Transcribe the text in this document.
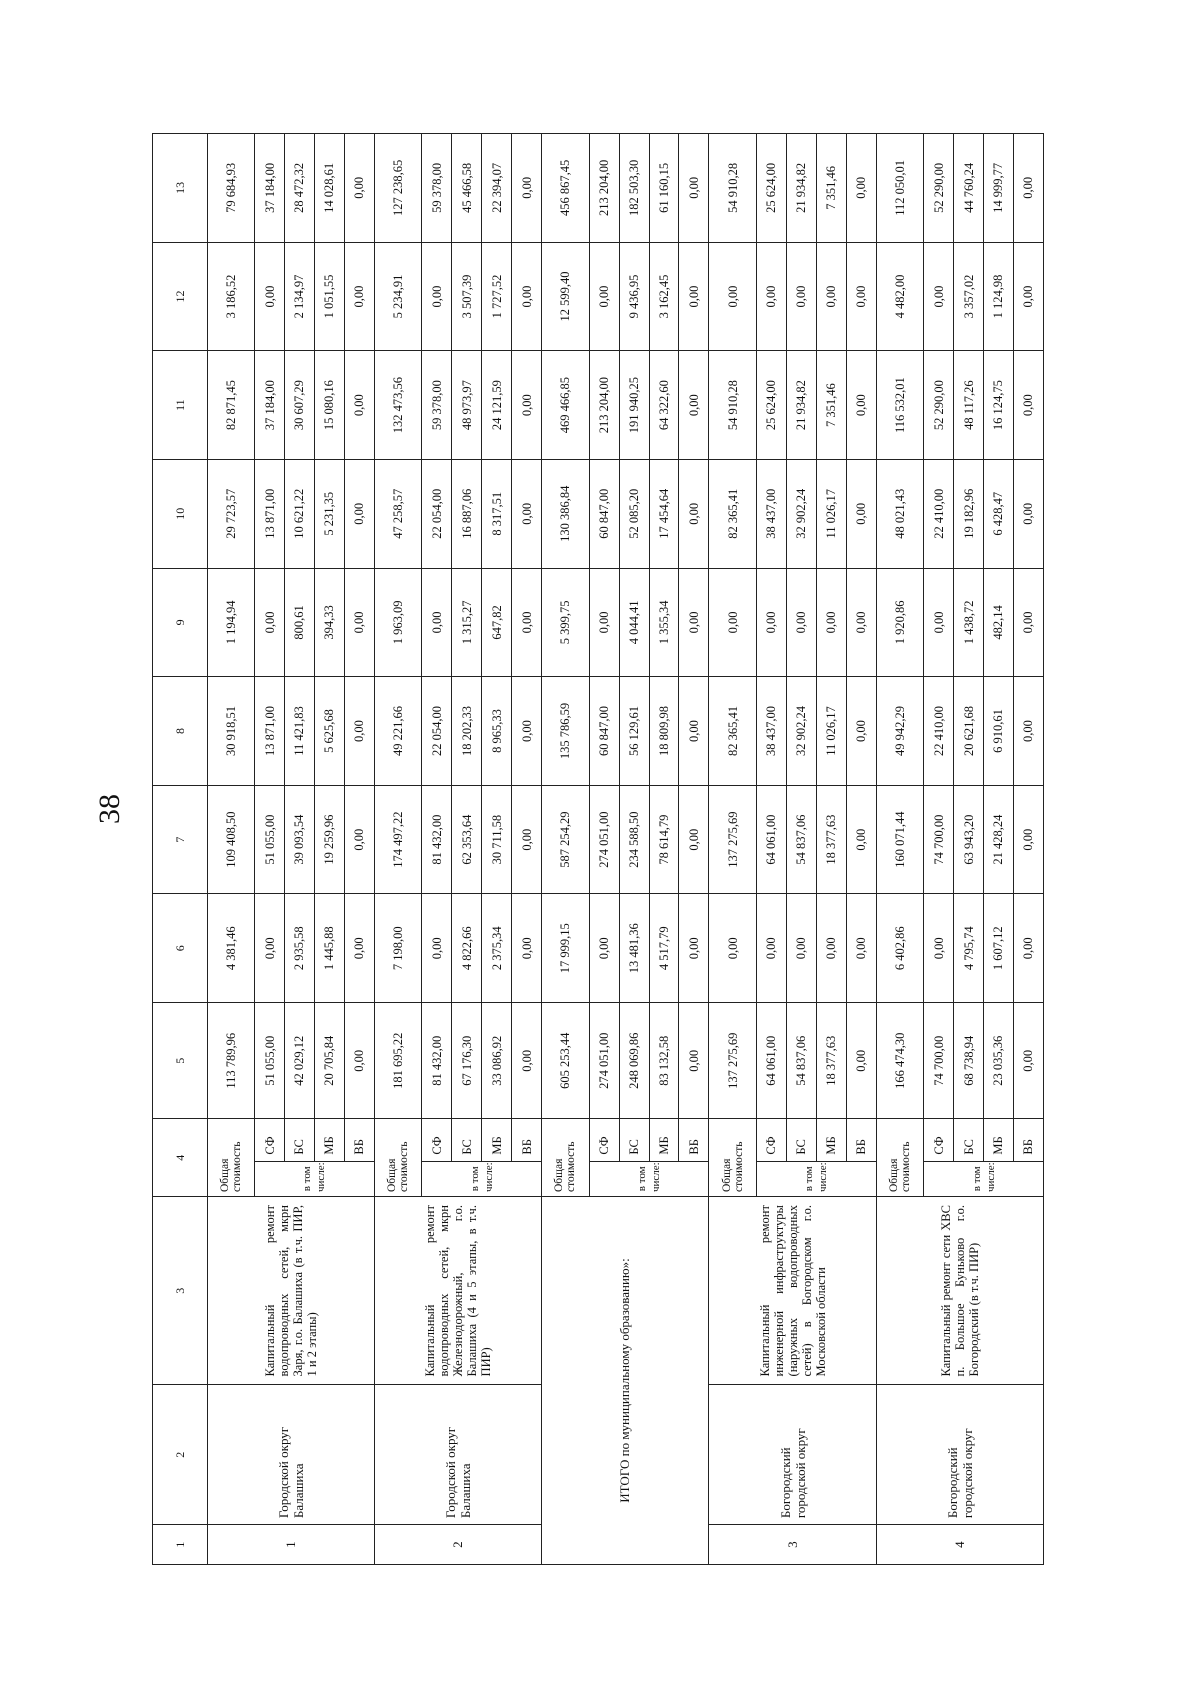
38
1	2	3	4		5	6	7	8	9	10	11	12	13
1	Городской округ Балашиха	Капитальный ремонт водопроводных сетей, мкрн Заря, г.о. Балашиха (в т.ч. ПИР, 1 и 2 этапы)	Общая стоимость		113 789,96	4 381,46	109 408,50	30 918,51	1 194,94	29 723,57	82 871,45	3 186,52	79 684,93
			в том числе:	СФ	51 055,00	0,00	51 055,00	13 871,00	0,00	13 871,00	37 184,00	0,00	37 184,00
				БС	42 029,12	2 935,58	39 093,54	11 421,83	800,61	10 621,22	30 607,29	2 134,97	28 472,32
				МБ	20 705,84	1 445,88	19 259,96	5 625,68	394,33	5 231,35	15 080,16	1 051,55	14 028,61
				ВБ	0,00	0,00	0,00	0,00	0,00	0,00	0,00	0,00	0,00
2	Городской округ Балашиха	Капитальный ремонт водопроводных сетей, мкрн Железнодорожный, г.о. Балашиха (4 и 5 этапы, в т.ч. ПИР)	Общая стоимость		181 695,22	7 198,00	174 497,22	49 221,66	1 963,09	47 258,57	132 473,56	5 234,91	127 238,65
			в том числе:	СФ	81 432,00	0,00	81 432,00	22 054,00	0,00	22 054,00	59 378,00	0,00	59 378,00
				БС	67 176,30	4 822,66	62 353,64	18 202,33	1 315,27	16 887,06	48 973,97	3 507,39	45 466,58
				МБ	33 086,92	2 375,34	30 711,58	8 965,33	647,82	8 317,51	24 121,59	1 727,52	22 394,07
				ВБ	0,00	0,00	0,00	0,00	0,00	0,00	0,00	0,00	0,00
ИТОГО по муниципальному образованию»:			Общая стоимость		605 253,44	17 999,15	587 254,29	135 786,59	5 399,75	130 386,84	469 466,85	12 599,40	456 867,45
			в том числе:	СФ	274 051,00	0,00	274 051,00	60 847,00	0,00	60 847,00	213 204,00	0,00	213 204,00
				БС	248 069,86	13 481,36	234 588,50	56 129,61	4 044,41	52 085,20	191 940,25	9 436,95	182 503,30
				МБ	83 132,58	4 517,79	78 614,79	18 809,98	1 355,34	17 454,64	64 322,60	3 162,45	61 160,15
				ВБ	0,00	0,00	0,00	0,00	0,00	0,00	0,00	0,00	0,00
3	Богородский городской округ	Капитальный ремонт инженерной инфраструктуры (наружных водопроводных сетей) в Богородском г.о. Московской области	Общая стоимость		137 275,69	0,00	137 275,69	82 365,41	0,00	82 365,41	54 910,28	0,00	54 910,28
			в том числе:	СФ	64 061,00	0,00	64 061,00	38 437,00	0,00	38 437,00	25 624,00	0,00	25 624,00
				БС	54 837,06	0,00	54 837,06	32 902,24	0,00	32 902,24	21 934,82	0,00	21 934,82
				МБ	18 377,63	0,00	18 377,63	11 026,17	0,00	11 026,17	7 351,46	0,00	7 351,46
				ВБ	0,00	0,00	0,00	0,00	0,00	0,00	0,00	0,00	0,00
4	Богородский городской округ	Капитальный ремонт сети ХВС п. Большое Буньково г.о. Богородский (в т.ч. ПИР)	Общая стоимость		166 474,30	6 402,86	160 071,44	49 942,29	1 920,86	48 021,43	116 532,01	4 482,00	112 050,01
			в том числе:	СФ	74 700,00	0,00	74 700,00	22 410,00	0,00	22 410,00	52 290,00	0,00	52 290,00
				БС	68 738,94	4 795,74	63 943,20	20 621,68	1 438,72	19 182,96	48 117,26	3 357,02	44 760,24
				МБ	23 035,36	1 607,12	21 428,24	6 910,61	482,14	6 428,47	16 124,75	1 124,98	14 999,77
				ВБ	0,00	0,00	0,00	0,00	0,00	0,00	0,00	0,00	0,00
